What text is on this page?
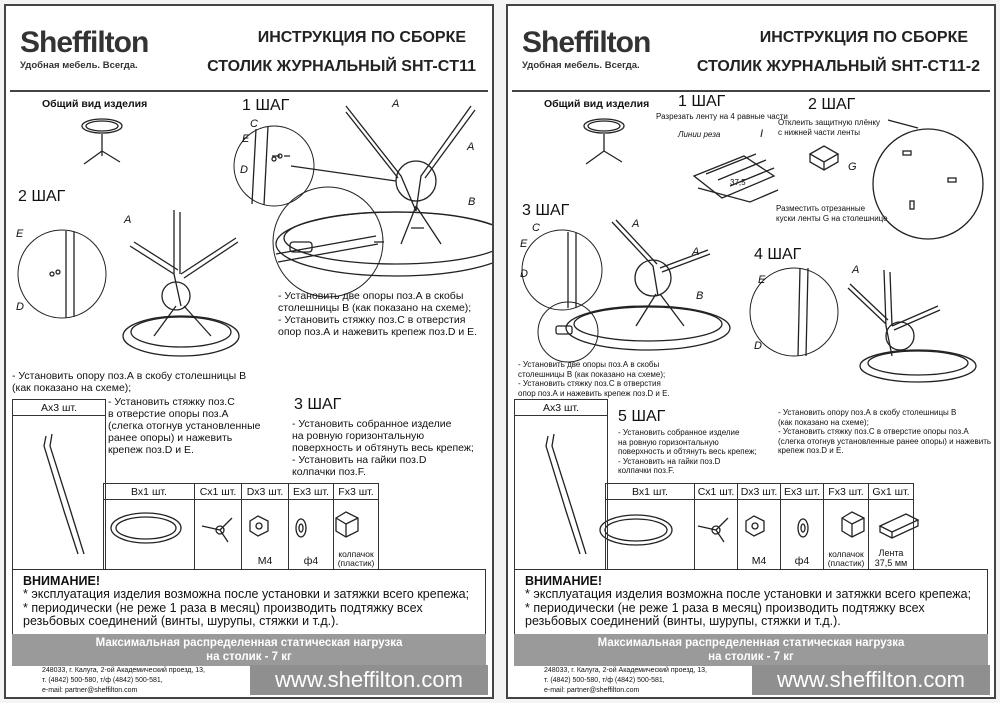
Sheffilton
Удобная мебель. Всегда.
ИНСТРУКЦИЯ ПО СБОРКЕ
СТОЛИК ЖУРНАЛЬНЫЙ SHT-CT11
Общий вид изделия	1 ШАГ
2 ШАГ
A
A
B
C
E
D
A
E
D
- Установить две опоры поз.А в скобы
столешницы В (как показано на схеме);
- Установить стяжку поз.С в отверстия
опор поз.А и нажевить крепеж поз.D и E.
- Установить опору поз.А в скобу столешницы В
(как показано на схеме);
3 ШАГ
- Установить собранное изделие
на ровную горизонтальную
поверхность и обтянуть весь крепеж;
- Установить на гайки поз.D
колпачки поз.F.
Ах3 шт.	- Установить стяжку поз.С
в отверстие опоры поз.А
(слегка отогнув установленные
ранее опоры) и нажевить
крепеж поз.D и E.
Вх1 шт.	Сх1 шт.	Dх3 шт.	Ех3 шт.	Fх3 шт.

		М4	ф4	колпачок
(пластик)
ВНИМАНИЕ!
* эксплуатация изделия возможна после установки и затяжки всего крепежа;
* периодически (не реже 1 раза в месяц) производить подтяжку всех
резьбовых соединений (винты, шурупы, стяжки и т.д.).
Максимальная распределенная статическая нагрузка
на столик - 7 кг
248033, г. Калуга, 2-ой Академический проезд, 13,
т. (4842) 500-580, т/ф (4842) 500-581,
e-mail: partner@sheffilton.com	www.sheffilton.com
Sheffilton
Удобная мебель. Всегда.
ИНСТРУКЦИЯ ПО СБОРКЕ
СТОЛИК ЖУРНАЛЬНЫЙ SHT-CT11-2
Общий вид изделия 1 ШАГ
Разрезать ленту на 4 равные части
Линии реза
37,5
2 ШАГ
Отклеить защитную плёнку
с нижней части ленты
Разместить отрезанные
куски ленты G на столешнице
3 ШАГ
4 ШАГ
I
G
A
A
B
C
E
D	A
E
D
- Установить две опоры поз.А в скобы
столешницы В (как показано на схеме);
- Установить стяжку поз.С в отверстия
опор поз.А и нажевить крепеж поз.D и E.
- Установить опору поз.А в скобу столешницы В
(как показано на схеме);
- Установить стяжку поз.С в отверстие опоры поз.А
(слегка отогнув установленные ранее опоры) и нажевить
крепеж поз.D и E.
Ах3 шт.

5 ШАГ
- Установить собранное изделие
на ровную горизонтальную
поверхность и обтянуть весь крепеж;
- Установить на гайки поз.D
колпачки поз.F.
Вх1 шт.	Сх1 шт.	Dх3 шт.	Ех3 шт.	Fх3 шт.	Gх1 шт.

		М4	ф4	колпачок
(пластик)	Лента
37,5 мм
ВНИМАНИЕ!
* эксплуатация изделия возможна после установки и затяжки всего крепежа;
* периодически (не реже 1 раза в месяц) производить подтяжку всех
резьбовых соединений (винты, шурупы, стяжки и т.д.).
Максимальная распределенная статическая нагрузка
на столик - 7 кг
248033, г. Калуга, 2-ой Академический проезд, 13,
т. (4842) 500-580, т/ф (4842) 500-581,
e-mail: partner@sheffilton.com	www.sheffilton.com
